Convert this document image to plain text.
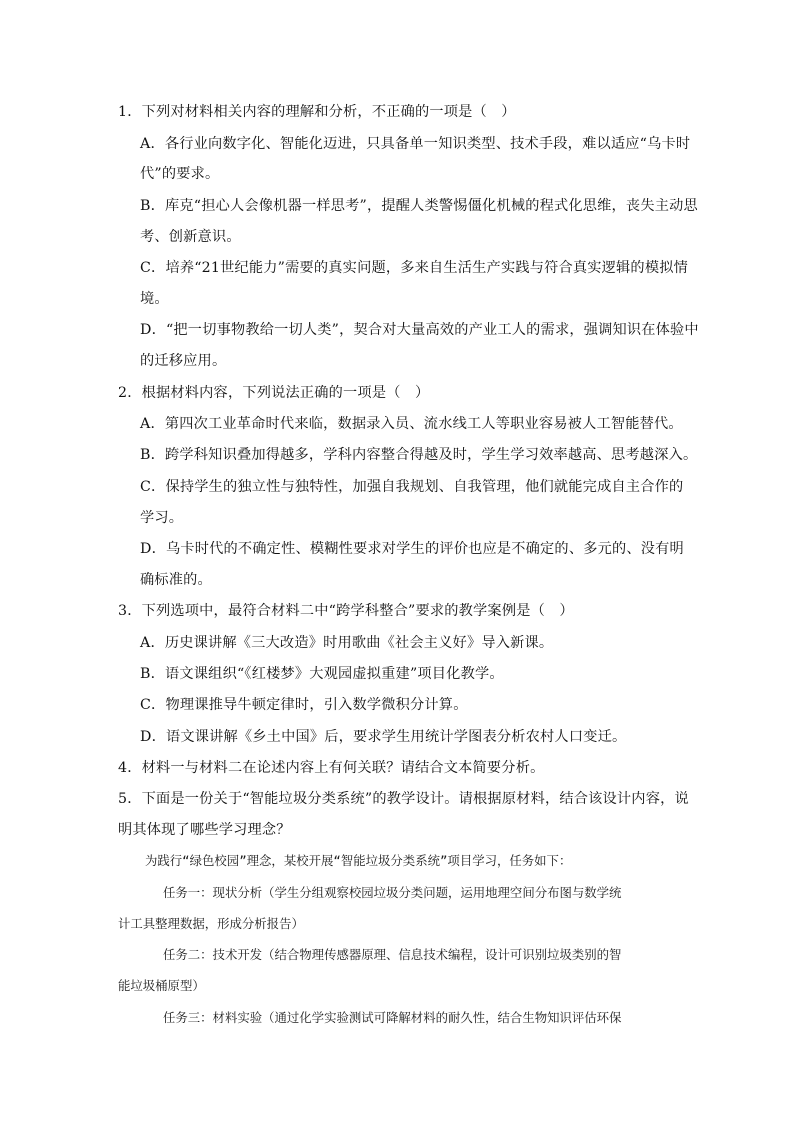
1．下列对材料相关内容的理解和分析，不正确的一项是（　）
A．各行业向数字化、智能化迈进，只具备单一知识类型、技术手段，难以适应“乌卡时
代”的要求。
B．库克“担心人会像机器一样思考”，提醒人类警惕僵化机械的程式化思维，丧失主动思
考、创新意识。
C．培养“21世纪能力”需要的真实问题，多来自生活生产实践与符合真实逻辑的模拟情
境。
D．“把一切事物教给一切人类”，契合对大量高效的产业工人的需求，强调知识在体验中
的迁移应用。
2．根据材料内容，下列说法正确的一项是（　）
A．第四次工业革命时代来临，数据录入员、流水线工人等职业容易被人工智能替代。
B．跨学科知识叠加得越多，学科内容整合得越及时，学生学习效率越高、思考越深入。
C．保持学生的独立性与独特性，加强自我规划、自我管理，他们就能完成自主合作的
学习。
D．乌卡时代的不确定性、模糊性要求对学生的评价也应是不确定的、多元的、没有明
确标准的。
3．下列选项中，最符合材料二中“跨学科整合”要求的教学案例是（　）
A．历史课讲解《三大改造》时用歌曲《社会主义好》导入新课。
B．语文课组织“《红楼梦》大观园虚拟重建”项目化教学。
C．物理课推导牛顿定律时，引入数学微积分计算。
D．语文课讲解《乡土中国》后，要求学生用统计学图表分析农村人口变迁。
4．材料一与材料二在论述内容上有何关联？请结合文本简要分析。
5．下面是一份关于“智能垃圾分类系统”的教学设计。请根据原材料，结合该设计内容，说
明其体现了哪些学习理念？
为践行“绿色校园”理念，某校开展“智能垃圾分类系统”项目学习，任务如下：
任务一：现状分析（学生分组观察校园垃圾分类问题，运用地理空间分布图与数学统
计工具整理数据，形成分析报告）
任务二：技术开发（结合物理传感器原理、信息技术编程，设计可识别垃圾类别的智
能垃圾桶原型）
任务三：材料实验（通过化学实验测试可降解材料的耐久性，结合生物知识评估环保
